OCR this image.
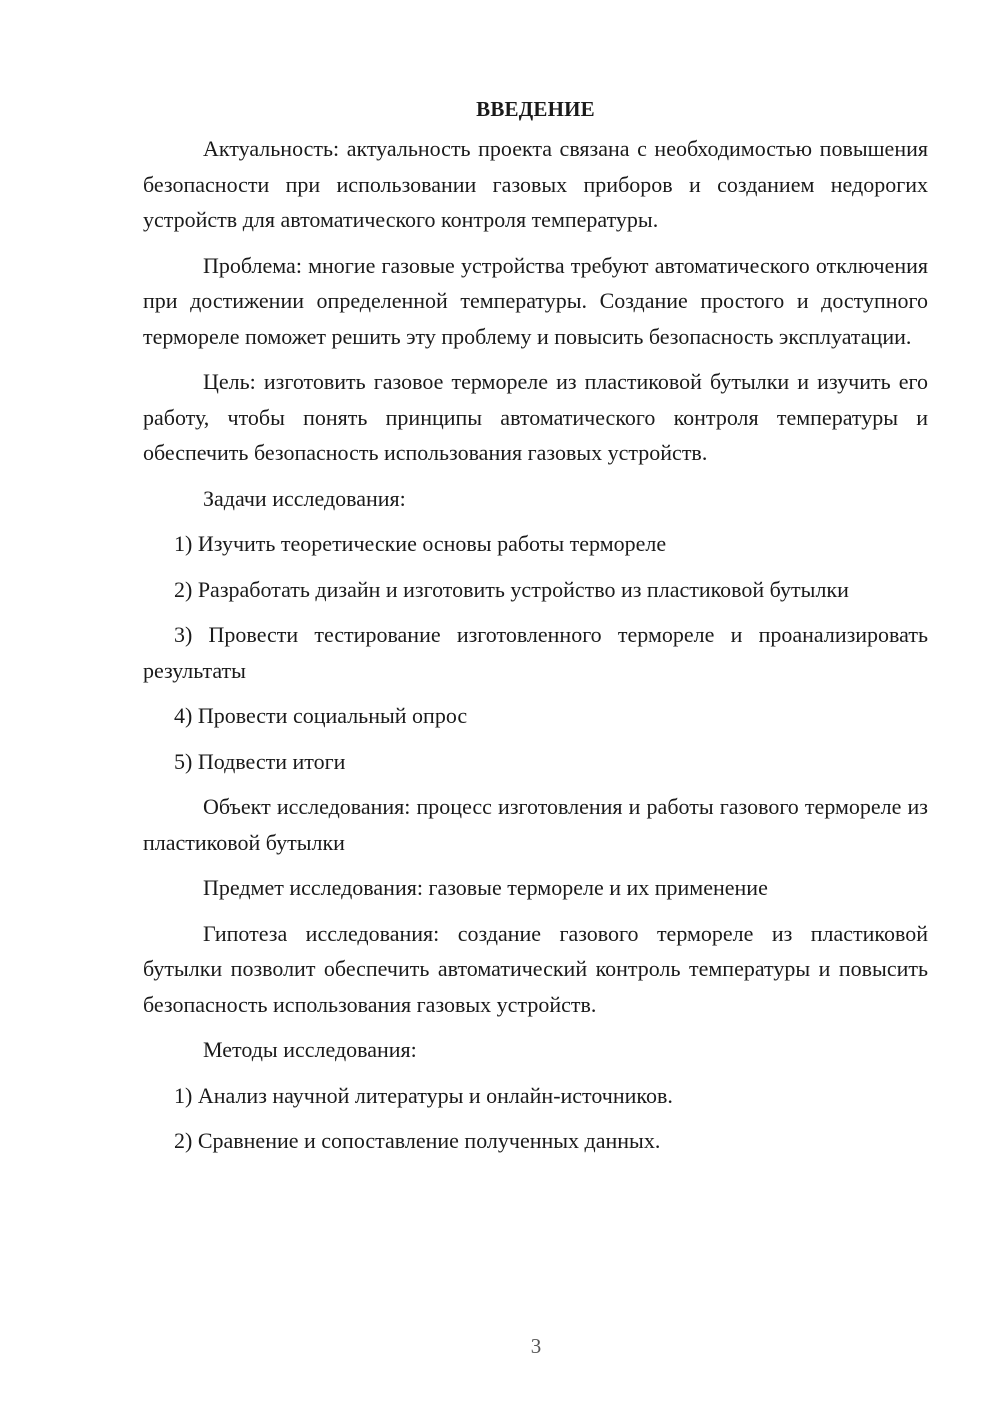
ВВЕДЕНИЕ

Актуальность: актуальность проекта связана с необходимостью повышения безопасности при использовании газовых приборов и созданием недорогих устройств для автоматического контроля температуры.

Проблема: многие газовые устройства требуют автоматического отключения при достижении определенной температуры. Создание простого и доступного термореле поможет решить эту проблему и повысить безопасность эксплуатации.

Цель: изготовить газовое термореле из пластиковой бутылки и изучить его работу, чтобы понять принципы автоматического контроля температуры и обеспечить безопасность использования газовых устройств.

Задачи исследования:

1) Изучить теоретические основы работы термореле

2) Разработать дизайн и изготовить устройство из пластиковой бутылки

3) Провести тестирование изготовленного термореле и проанализировать результаты

4) Провести социальный опрос

5) Подвести итоги

Объект исследования: процесс изготовления и работы газового термореле из пластиковой бутылки

Предмет исследования: газовые термореле и их применение

Гипотеза исследования: создание газового термореле из пластиковой бутылки позволит обеспечить автоматический контроль температуры и повысить безопасность использования газовых устройств.

Методы исследования:

1) Анализ научной литературы и онлайн-источников.

2) Сравнение и сопоставление полученных данных.

3
